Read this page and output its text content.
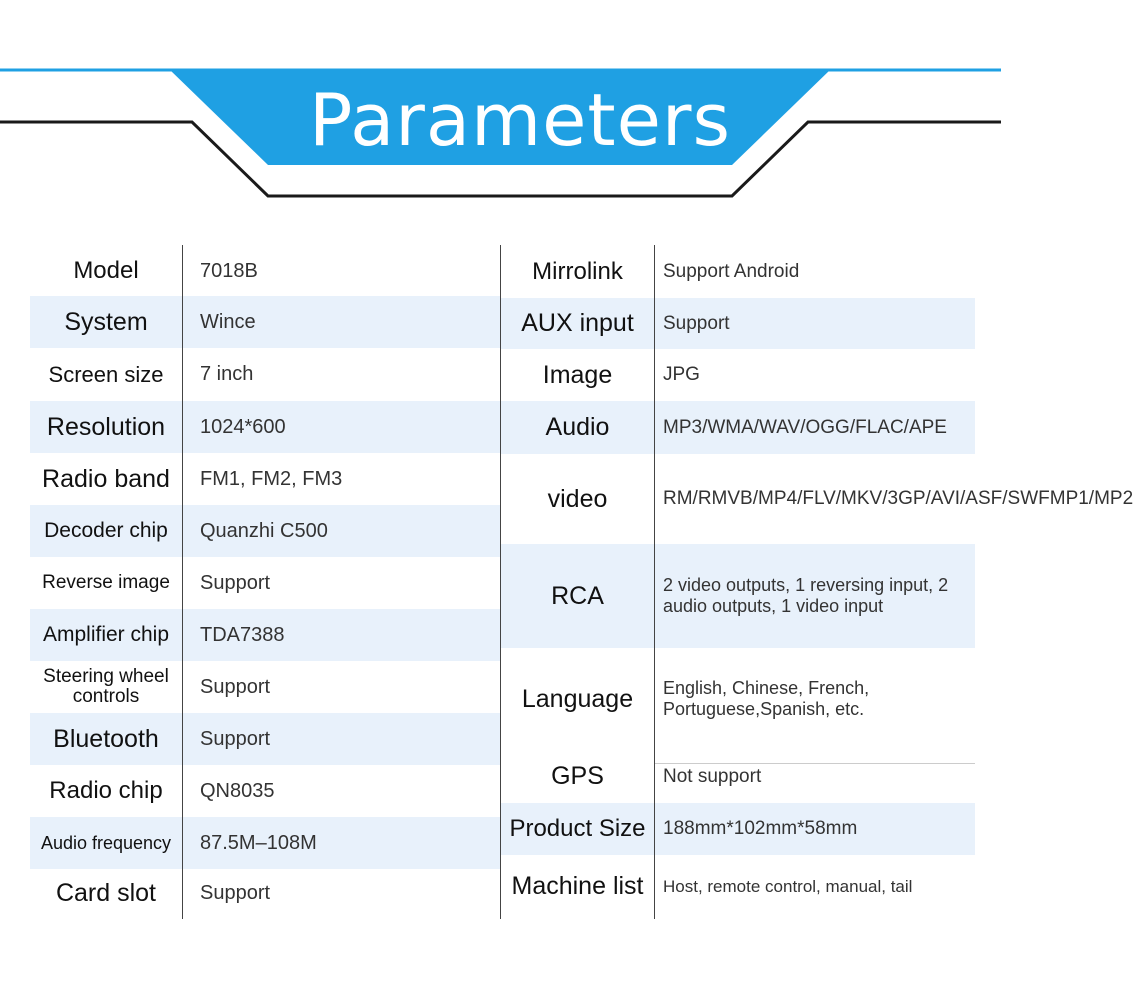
Parameters
Model	7018B
System	Wince
Screen size	7 inch
Resolution	1024*600
Radio band	FM1, FM2, FM3
Decoder chip	Quanzhi C500
Reverse image	Support
Amplifier chip	TDA7388
Steering wheel controls	Support
Bluetooth	Support
Radio chip	QN8035
Audio frequency	87.5M–108M
Card slot	Support
Mirrolink	Support Android
AUX input	Support
Image	JPG
Audio	MP3/WMA/WAV/OGG/FLAC/APE
video	RM/RMVB/MP4/FLV/MKV/3GP/AVI/ASF/SWFMP1/MP2
RCA	2 video outputs, 1 reversing input, 2 audio outputs, 1 video input
Language	English, Chinese, French, Portuguese,Spanish, etc.
GPS	Not support
Product Size 188mm*102mm*58mm
Machine list	Host, remote control, manual, tail
